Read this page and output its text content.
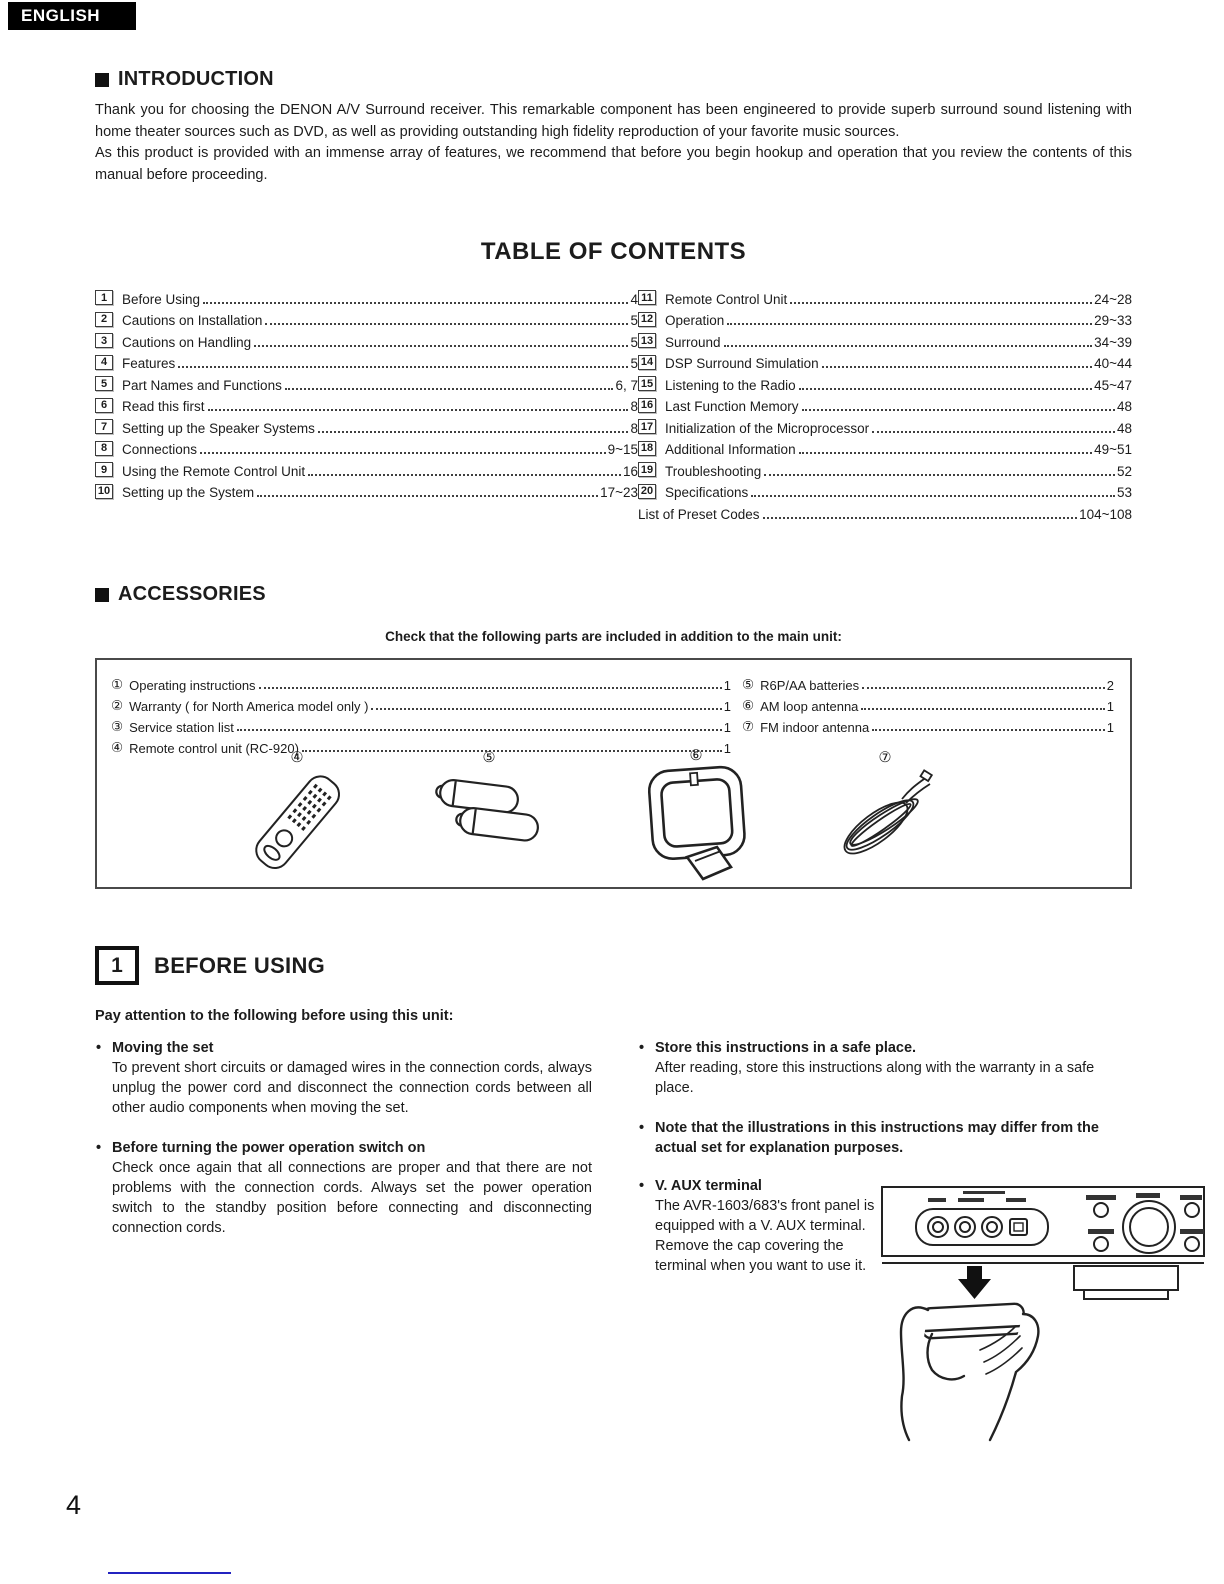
ENGLISH
INTRODUCTION

Thank you for choosing the DENON A/V Surround receiver. This remarkable component has been engineered to provide superb surround sound listening with home theater sources such as DVD, as well as providing outstanding high fidelity reproduction of your favorite music sources.

As this product is provided with an immense array of features, we recommend that before you begin hookup and operation that you review the contents of this manual before proceeding.

TABLE OF CONTENTS
1	Before Using	4
2	Cautions on Installation	5
3	Cautions on Handling	5
4	Features	5
5	Part Names and Functions	6, 7
6	Read this first	8
7	Setting up the Speaker Systems	8
8	Connections	9~15
9	Using the Remote Control Unit	16
10 Setting up the System	17~23
11 Remote Control Unit	24~28
12 Operation	29~33
13 Surround	34~39
14 DSP Surround Simulation	40~44
15 Listening to the Radio	45~47
16 Last Function Memory	48
17 Initialization of the Microprocessor	48
18 Additional Information	49~51
19 Troubleshooting	52
20 Specifications	53
List of Preset Codes	104~108
ACCESSORIES
Check that the following parts are included in addition to the main unit:
① Operating instructions	1
② Warranty ( for North America model only )	1
③ Service station list	1
④ Remote control unit (RC-920)	1
⑤ R6P/AA batteries	2
⑥ AM loop antenna	1
⑦ FM indoor antenna	1
④	⑤	⑥	⑦
1	BEFORE USING
Pay attention to the following before using this unit:
• Moving the set
To prevent short circuits or damaged wires in the connection cords, always unplug the power cord and disconnect the connection cords between all other audio components when moving the set.
• Before turning the power operation switch on
Check once again that all connections are proper and that there are not problems with the connection cords. Always set the power operation switch to the standby position before connecting and disconnecting connection cords.
• Store this instructions in a safe place.
After reading, store this instructions along with the warranty in a safe place.
• Note that the illustrations in this instructions may differ from the actual set for explanation purposes.
• V. AUX terminal
The AVR-1603/683's front panel is equipped with a V. AUX terminal. Remove the cap covering the terminal when you want to use it.
4
